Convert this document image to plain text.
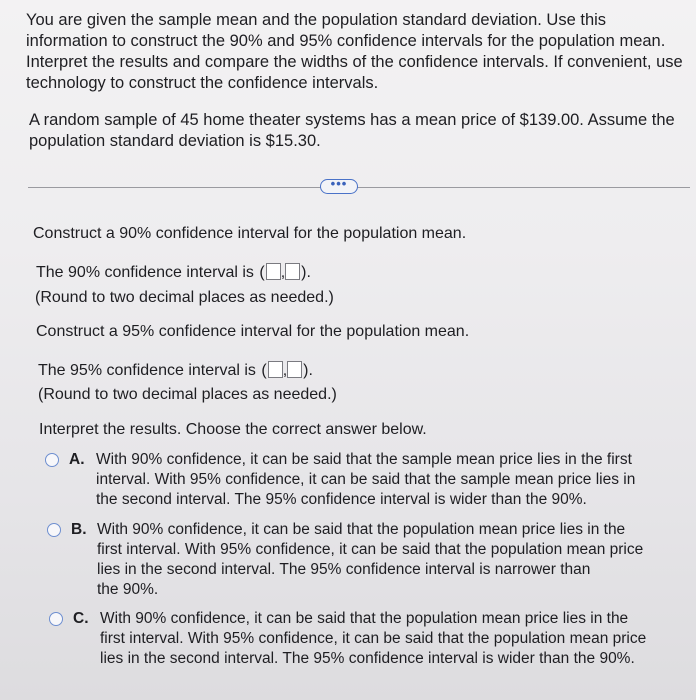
You are given the sample mean and the population standard deviation. Use this information to construct the 90% and 95% confidence intervals for the population mean. Interpret the results and compare the widths of the confidence intervals. If convenient, use technology to construct the confidence intervals.
A random sample of 45 home theater systems has a mean price of $139.00. Assume the population standard deviation is $15.30.
•••
Construct a 90% confidence interval for the population mean.
The 90% confidence interval is ( , ).
(Round to two decimal places as needed.)
Construct a 95% confidence interval for the population mean.
The 95% confidence interval is ( , ).
(Round to two decimal places as needed.)
Interpret the results. Choose the correct answer below.
A. With 90% confidence, it can be said that the sample mean price lies in the first
interval. With 95% confidence, it can be said that the sample mean price lies in
the second interval. The 95% confidence interval is wider than the 90%.
B. With 90% confidence, it can be said that the population mean price lies in the
first interval. With 95% confidence, it can be said that the population mean price
lies in the second interval. The 95% confidence interval is narrower than
the 90%.
C. With 90% confidence, it can be said that the population mean price lies in the
first interval. With 95% confidence, it can be said that the population mean price
lies in the second interval. The 95% confidence interval is wider than the 90%.
